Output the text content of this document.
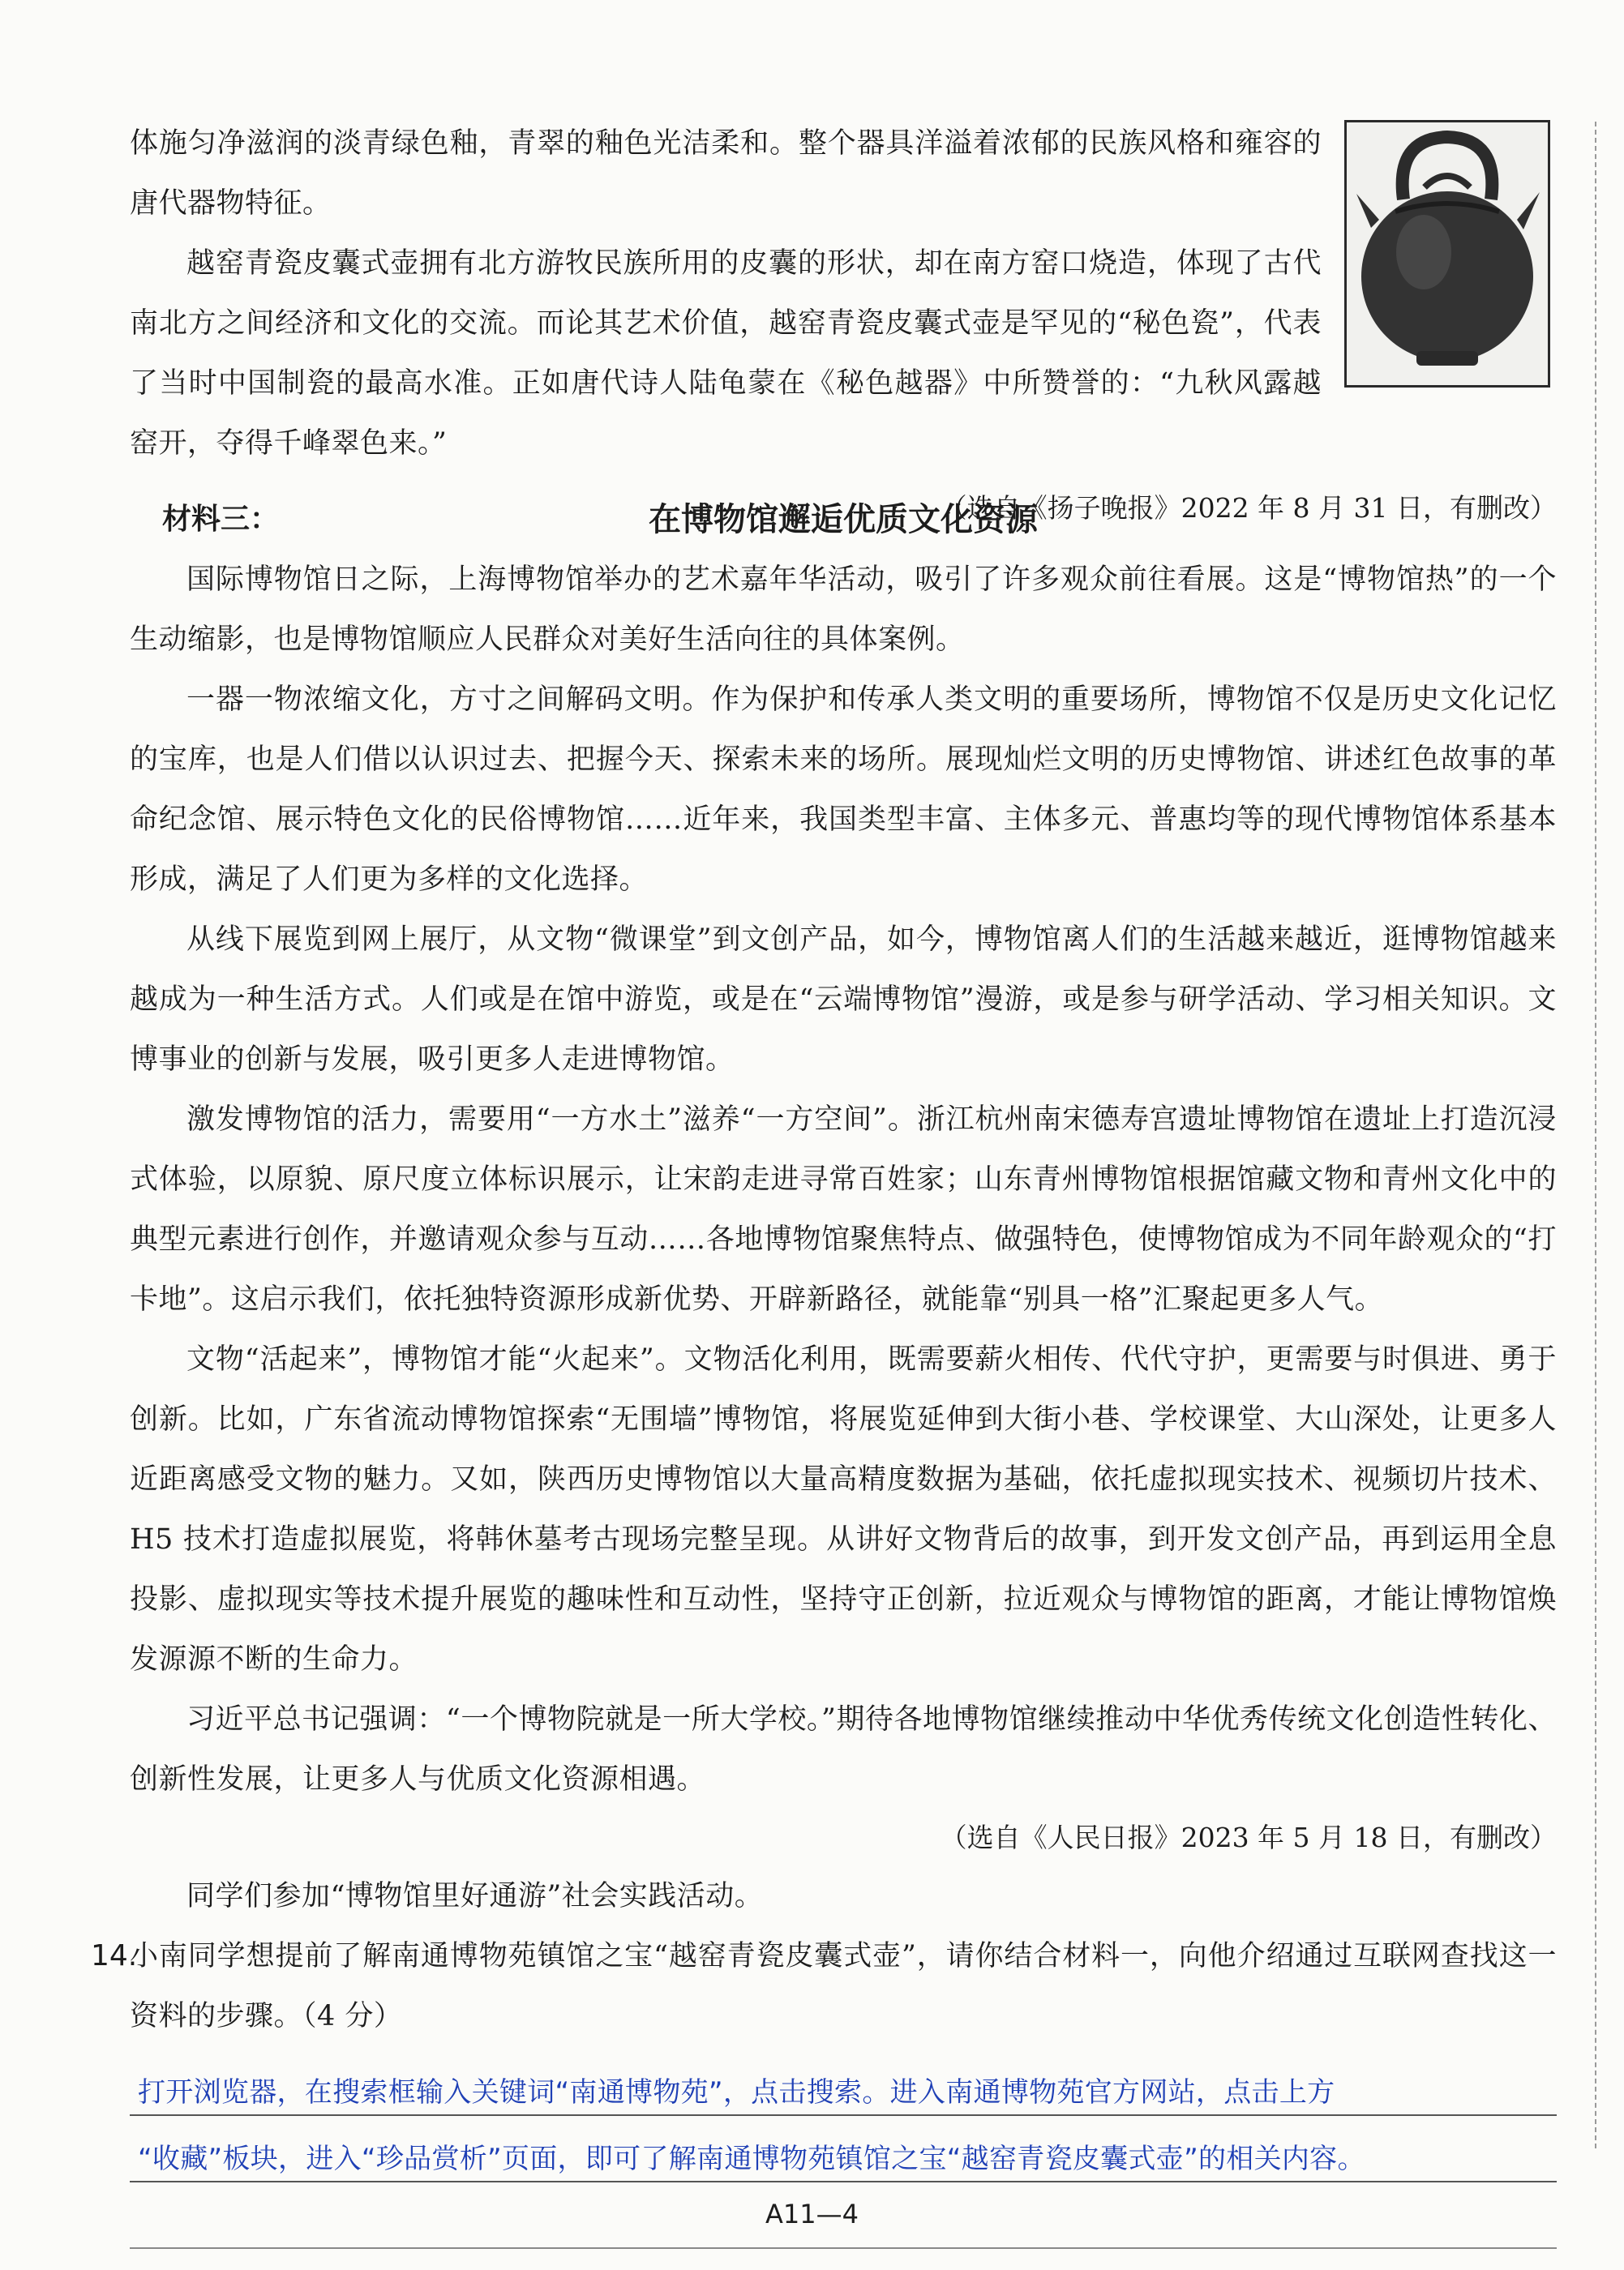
体施匀净滋润的淡青绿色釉，青翠的釉色光洁柔和。整个器具洋溢着浓郁的民族风格和雍容的唐代器物特征。

越窑青瓷皮囊式壶拥有北方游牧民族所用的皮囊的形状，却在南方窑口烧造，体现了古代南北方之间经济和文化的交流。而论其艺术价值，越窑青瓷皮囊式壶是罕见的“秘色瓷”，代表了当时中国制瓷的最高水准。正如唐代诗人陆龟蒙在《秘色越器》中所赞誉的：“九秋风露越窑开，夺得千峰翠色来。”

（选自《扬子晚报》2022 年 8 月 31 日，有删改）

材料三：	在博物馆邂逅优质文化资源

国际博物馆日之际，上海博物馆举办的艺术嘉年华活动，吸引了许多观众前往看展。这是“博物馆热”的一个生动缩影，也是博物馆顺应人民群众对美好生活向往的具体案例。

一器一物浓缩文化，方寸之间解码文明。作为保护和传承人类文明的重要场所，博物馆不仅是历史文化记忆的宝库，也是人们借以认识过去、把握今天、探索未来的场所。展现灿烂文明的历史博物馆、讲述红色故事的革命纪念馆、展示特色文化的民俗博物馆……近年来，我国类型丰富、主体多元、普惠均等的现代博物馆体系基本形成，满足了人们更为多样的文化选择。

从线下展览到网上展厅，从文物“微课堂”到文创产品，如今，博物馆离人们的生活越来越近，逛博物馆越来越成为一种生活方式。人们或是在馆中游览，或是在“云端博物馆”漫游，或是参与研学活动、学习相关知识。文博事业的创新与发展，吸引更多人走进博物馆。

激发博物馆的活力，需要用“一方水土”滋养“一方空间”。浙江杭州南宋德寿宫遗址博物馆在遗址上打造沉浸式体验，以原貌、原尺度立体标识展示，让宋韵走进寻常百姓家；山东青州博物馆根据馆藏文物和青州文化中的典型元素进行创作，并邀请观众参与互动……各地博物馆聚焦特点、做强特色，使博物馆成为不同年龄观众的“打卡地”。这启示我们，依托独特资源形成新优势、开辟新路径，就能靠“别具一格”汇聚起更多人气。

文物“活起来”，博物馆才能“火起来”。文物活化利用，既需要薪火相传、代代守护，更需要与时俱进、勇于创新。比如，广东省流动博物馆探索“无围墙”博物馆，将展览延伸到大街小巷、学校课堂、大山深处，让更多人近距离感受文物的魅力。又如，陕西历史博物馆以大量高精度数据为基础，依托虚拟现实技术、视频切片技术、H5 技术打造虚拟展览，将韩休墓考古现场完整呈现。从讲好文物背后的故事，到开发文创产品，再到运用全息投影、虚拟现实等技术提升展览的趣味性和互动性，坚持守正创新，拉近观众与博物馆的距离，才能让博物馆焕发源源不断的生命力。

习近平总书记强调：“一个博物院就是一所大学校。”期待各地博物馆继续推动中华优秀传统文化创造性转化、创新性发展，让更多人与优质文化资源相遇。

（选自《人民日报》2023 年 5 月 18 日，有删改）

同学们参加“博物馆里好通游”社会实践活动。

14.

小南同学想提前了解南通博物苑镇馆之宝“越窑青瓷皮囊式壶”，请你结合材料一，向他介绍通过互联网查找这一资料的步骤。（4 分）

打开浏览器，在搜索框输入关键词“南通博物苑”，点击搜索。进入南通博物苑官方网站，点击上方
“收藏”板块，进入“珍品赏析”页面，即可了解南通博物苑镇馆之宝“越窑青瓷皮囊式壶”的相关内容。
A11—4
